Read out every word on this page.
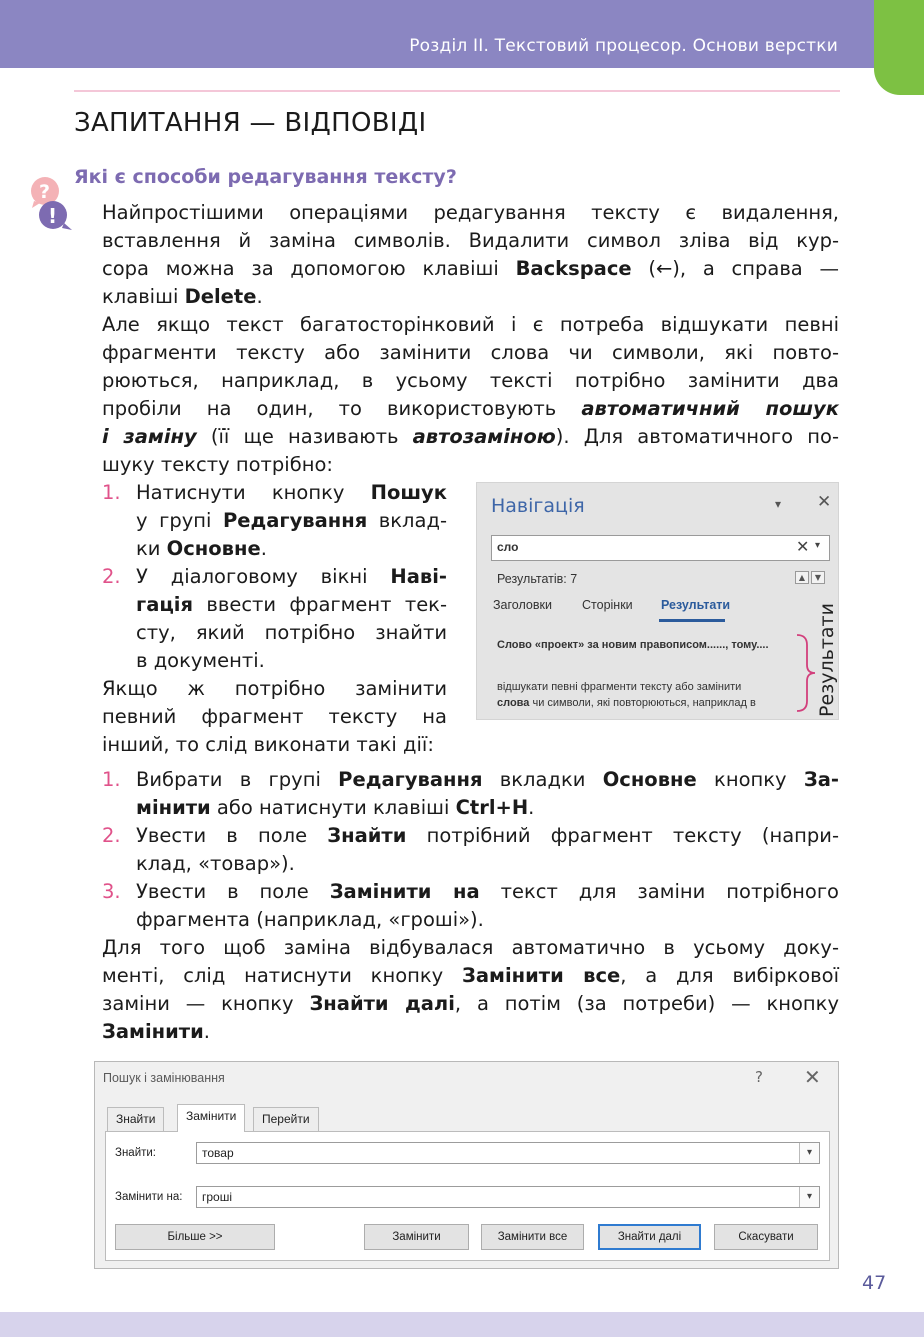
Розділ ІІ. Текстовий процесор. Основи верстки
ЗАПИТАННЯ — ВІДПОВІДІ
Які є способи редагування тексту?
?
! Найпростішими операціями редагування тексту є видалення,
вставлення й заміна символів. Видалити символ зліва від кур-
сора можна за допомогою клавіші Backspace (←), а справа —
клавіші Delete.
Але якщо текст багатосторінковий і є потреба відшукати певні
фрагменти тексту або замінити слова чи символи, які повто-
рюються, наприклад, в усьому тексті потрібно замінити два
пробіли на один, то використовують автоматичний пошук
і заміну (її ще називають автозаміною). Для автоматичного по-
шуку тексту потрібно:
1.
2.
Натиснути кнопку Пошук
у групі Редагування вклад-
ки Основне.
У діалоговому вікні Наві-
гація ввести фрагмент тек-
сту, який потрібно знайти
в документі.
Якщо ж потрібно замінити
певний фрагмент тексту на
інший, то слід виконати такі дії:
Навігація	▾ ✕
сло	✕ ▾
Результатів: 7	▲	▼
Заголовки Сторінки Результати
Слово «проект» за новим правописом......, тому....
відшукати певні фрагменти тексту або замінити
слова чи символи, які повторюються, наприклад в	Результати
1.
2.
3.
Вибрати в групі Редагування вкладки Основне кнопку За-
мінити або натиснути клавіші Ctrl+H.
Увести в поле Знайти потрібний фрагмент тексту (напри-
клад, «товар»).
Увести в поле Замінити на текст для заміни потрібного
фрагмента (наприклад, «гроші»).
Для того щоб заміна відбувалася автоматично в усьому доку-
менті, слід натиснути кнопку Замінити все, а для вибіркової
заміни — кнопку Знайти далі, а потім (за потреби) — кнопку
Замінити.
Пошук і замінювання	? ✕
Знайти	Замінити	Перейти
Знайти:	товар	▾
Замінити на: гроші	▾
Більше >>	Замінити	Замінити все	Знайти далі	Скасувати
47
